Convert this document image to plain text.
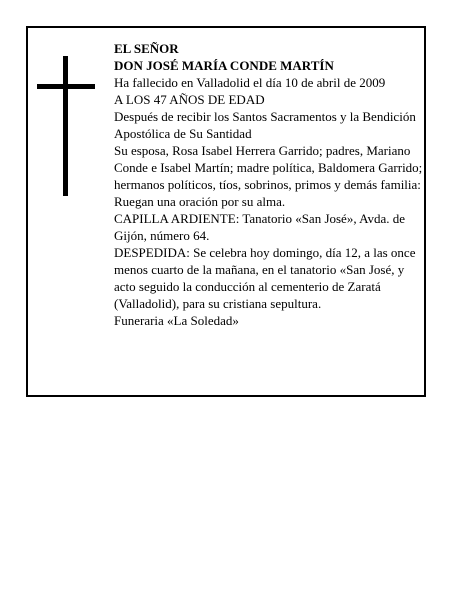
EL SEÑOR

DON JOSÉ MARÍA CONDE MARTÍN

Ha fallecido en Valladolid el día 10 de abril de 2009

A LOS 47 AÑOS DE EDAD

Después de recibir los Santos Sacramentos y la Bendición Apostólica de Su Santidad

Su esposa, Rosa Isabel Herrera Garrido; padres, Mariano Conde e Isabel Martín; madre política, Baldomera Garrido; hermanos políticos, tíos, sobrinos, primos y demás familia:

Ruegan una oración por su alma.

CAPILLA ARDIENTE: Tanatorio «San José», Avda. de Gijón, número 64.

DESPEDIDA: Se celebra hoy domingo, día 12, a las once menos cuarto de la mañana, en el tanatorio «San José, y acto seguido la conducción al cementerio de Zaratá (Valladolid), para su cristiana sepultura.

Funeraria «La Soledad»
